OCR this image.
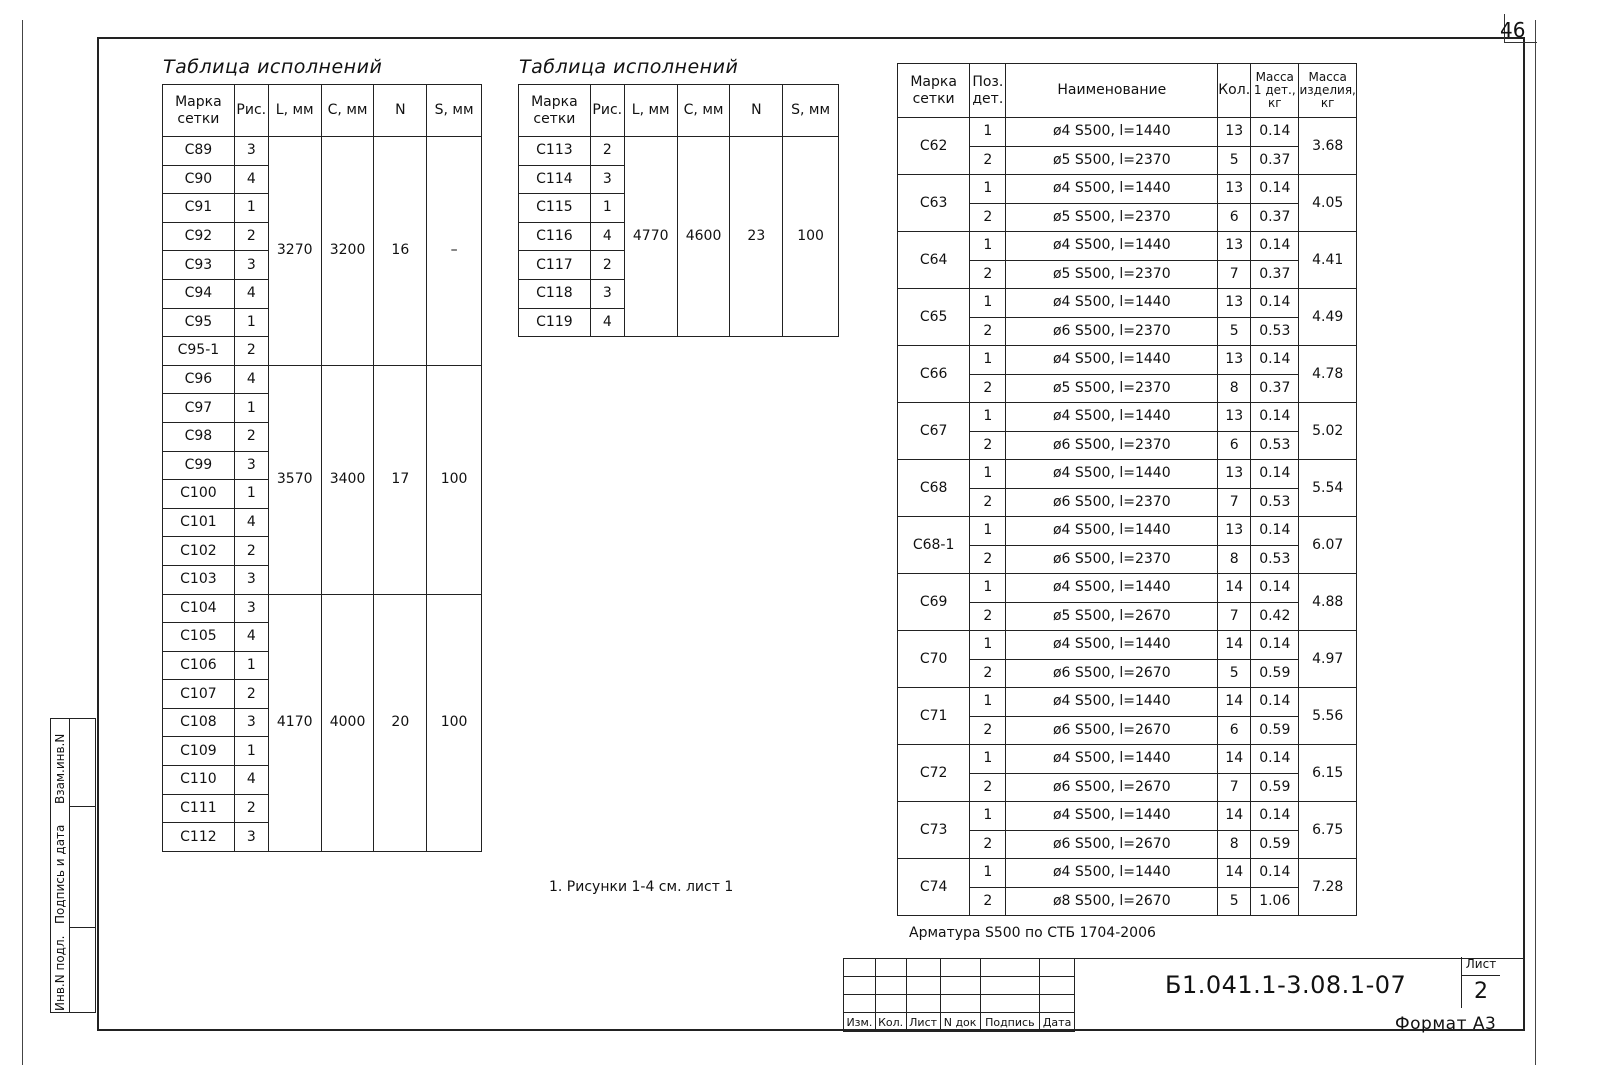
46
Таблица исполнений
Марка сетки	Рис.	L, мм	C, мм	N	S, мм
С89	3	3270	3200	16	–
С90	4				
С91	1				
С92	2				
С93	3				
С94	4				
С95	1				
С95-1	2				
С96	4	3570	3400	17	100
С97	1				
С98	2				
С99	3				
С100	1				
С101	4				
С102	2				
С103	3				
С104	3	4170	4000	20	100
С105	4				
С106	1				
С107	2				
С108	3				
С109	1				
С110	4				
С111	2				
С112	3				
Таблица исполнений
Марка сетки	Рис.	L, мм	C, мм	N	S, мм
С113	2	4770	4600	23	100
С114	3				
С115	1				
С116	4				
С117	2				
С118	3				
С119	4				
Марка сетки	Поз. дет.	Наименование	Кол.	Масса 1 дет., кг	Масса изделия, кг
С62	1	ø4 S500, l=1440	13	0.14	3.68
	2	ø5 S500, l=2370	5	0.37	
С63	1	ø4 S500, l=1440	13	0.14	4.05
	2	ø5 S500, l=2370	6	0.37	
С64	1	ø4 S500, l=1440	13	0.14	4.41
	2	ø5 S500, l=2370	7	0.37	
С65	1	ø4 S500, l=1440	13	0.14	4.49
	2	ø6 S500, l=2370	5	0.53	
С66	1	ø4 S500, l=1440	13	0.14	4.78
	2	ø5 S500, l=2370	8	0.37	
С67	1	ø4 S500, l=1440	13	0.14	5.02
	2	ø6 S500, l=2370	6	0.53	
С68	1	ø4 S500, l=1440	13	0.14	5.54
	2	ø6 S500, l=2370	7	0.53	
С68-1	1	ø4 S500, l=1440	13	0.14	6.07
	2	ø6 S500, l=2370	8	0.53	
С69	1	ø4 S500, l=1440	14	0.14	4.88
	2	ø5 S500, l=2670	7	0.42	
С70	1	ø4 S500, l=1440	14	0.14	4.97
	2	ø6 S500, l=2670	5	0.59	
С71	1	ø4 S500, l=1440	14	0.14	5.56
	2	ø6 S500, l=2670	6	0.59	
С72	1	ø4 S500, l=1440	14	0.14	6.15
	2	ø6 S500, l=2670	7	0.59	
С73	1	ø4 S500, l=1440	14	0.14	6.75
	2	ø6 S500, l=2670	8	0.59	
С74	1	ø4 S500, l=1440	14	0.14	7.28
	2	ø8 S500, l=2670	5	1.06	
Арматура S500 по СТБ 1704-2006
1. Рисунки 1-4 см. лист 1
Инв.N подл.
Подпись и дата
Взам.инв.N

Изм.	Кол.	Лист	N док	Подпись	Дата
Б1.041.1-3.08.1-07
Лист
2
Формат А3
